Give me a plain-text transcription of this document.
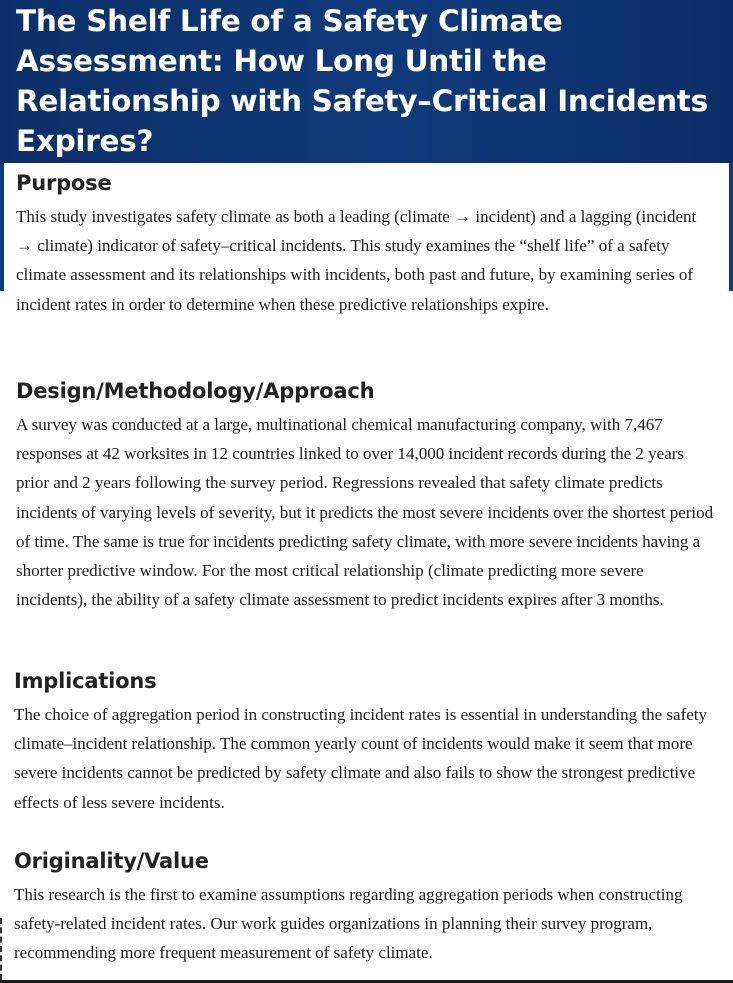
The Shelf Life of a Safety Climate Assessment: How Long Until the Relationship with Safety–Critical Incidents Expires?
Purpose

This study investigates safety climate as both a leading (climate → incident) and a lagging (incident → climate) indicator of safety–critical incidents. This study examines the “shelf life” of a safety climate assessment and its relationships with incidents, both past and future, by examining series of incident rates in order to determine when these predictive relationships expire.

Design/Methodology/Approach

A survey was conducted at a large, multinational chemical manufacturing company, with 7,467 responses at 42 worksites in 12 countries linked to over 14,000 incident records during the 2 years prior and 2 years following the survey period. Regressions revealed that safety climate predicts incidents of varying levels of severity, but it predicts the most severe incidents over the shortest period of time. The same is true for incidents predicting safety climate, with more severe incidents having a shorter predictive window. For the most critical relationship (climate predicting more severe incidents), the ability of a safety climate assessment to predict incidents expires after 3 months.

Implications

The choice of aggregation period in constructing incident rates is essential in understanding the safety climate–incident relationship. The common yearly count of incidents would make it seem that more severe incidents cannot be predicted by safety climate and also fails to show the strongest predictive effects of less severe incidents.

Originality/Value

This research is the first to examine assumptions regarding aggregation periods when constructing safety-related incident rates. Our work guides organizations in planning their survey program, recommending more frequent measurement of safety climate.
